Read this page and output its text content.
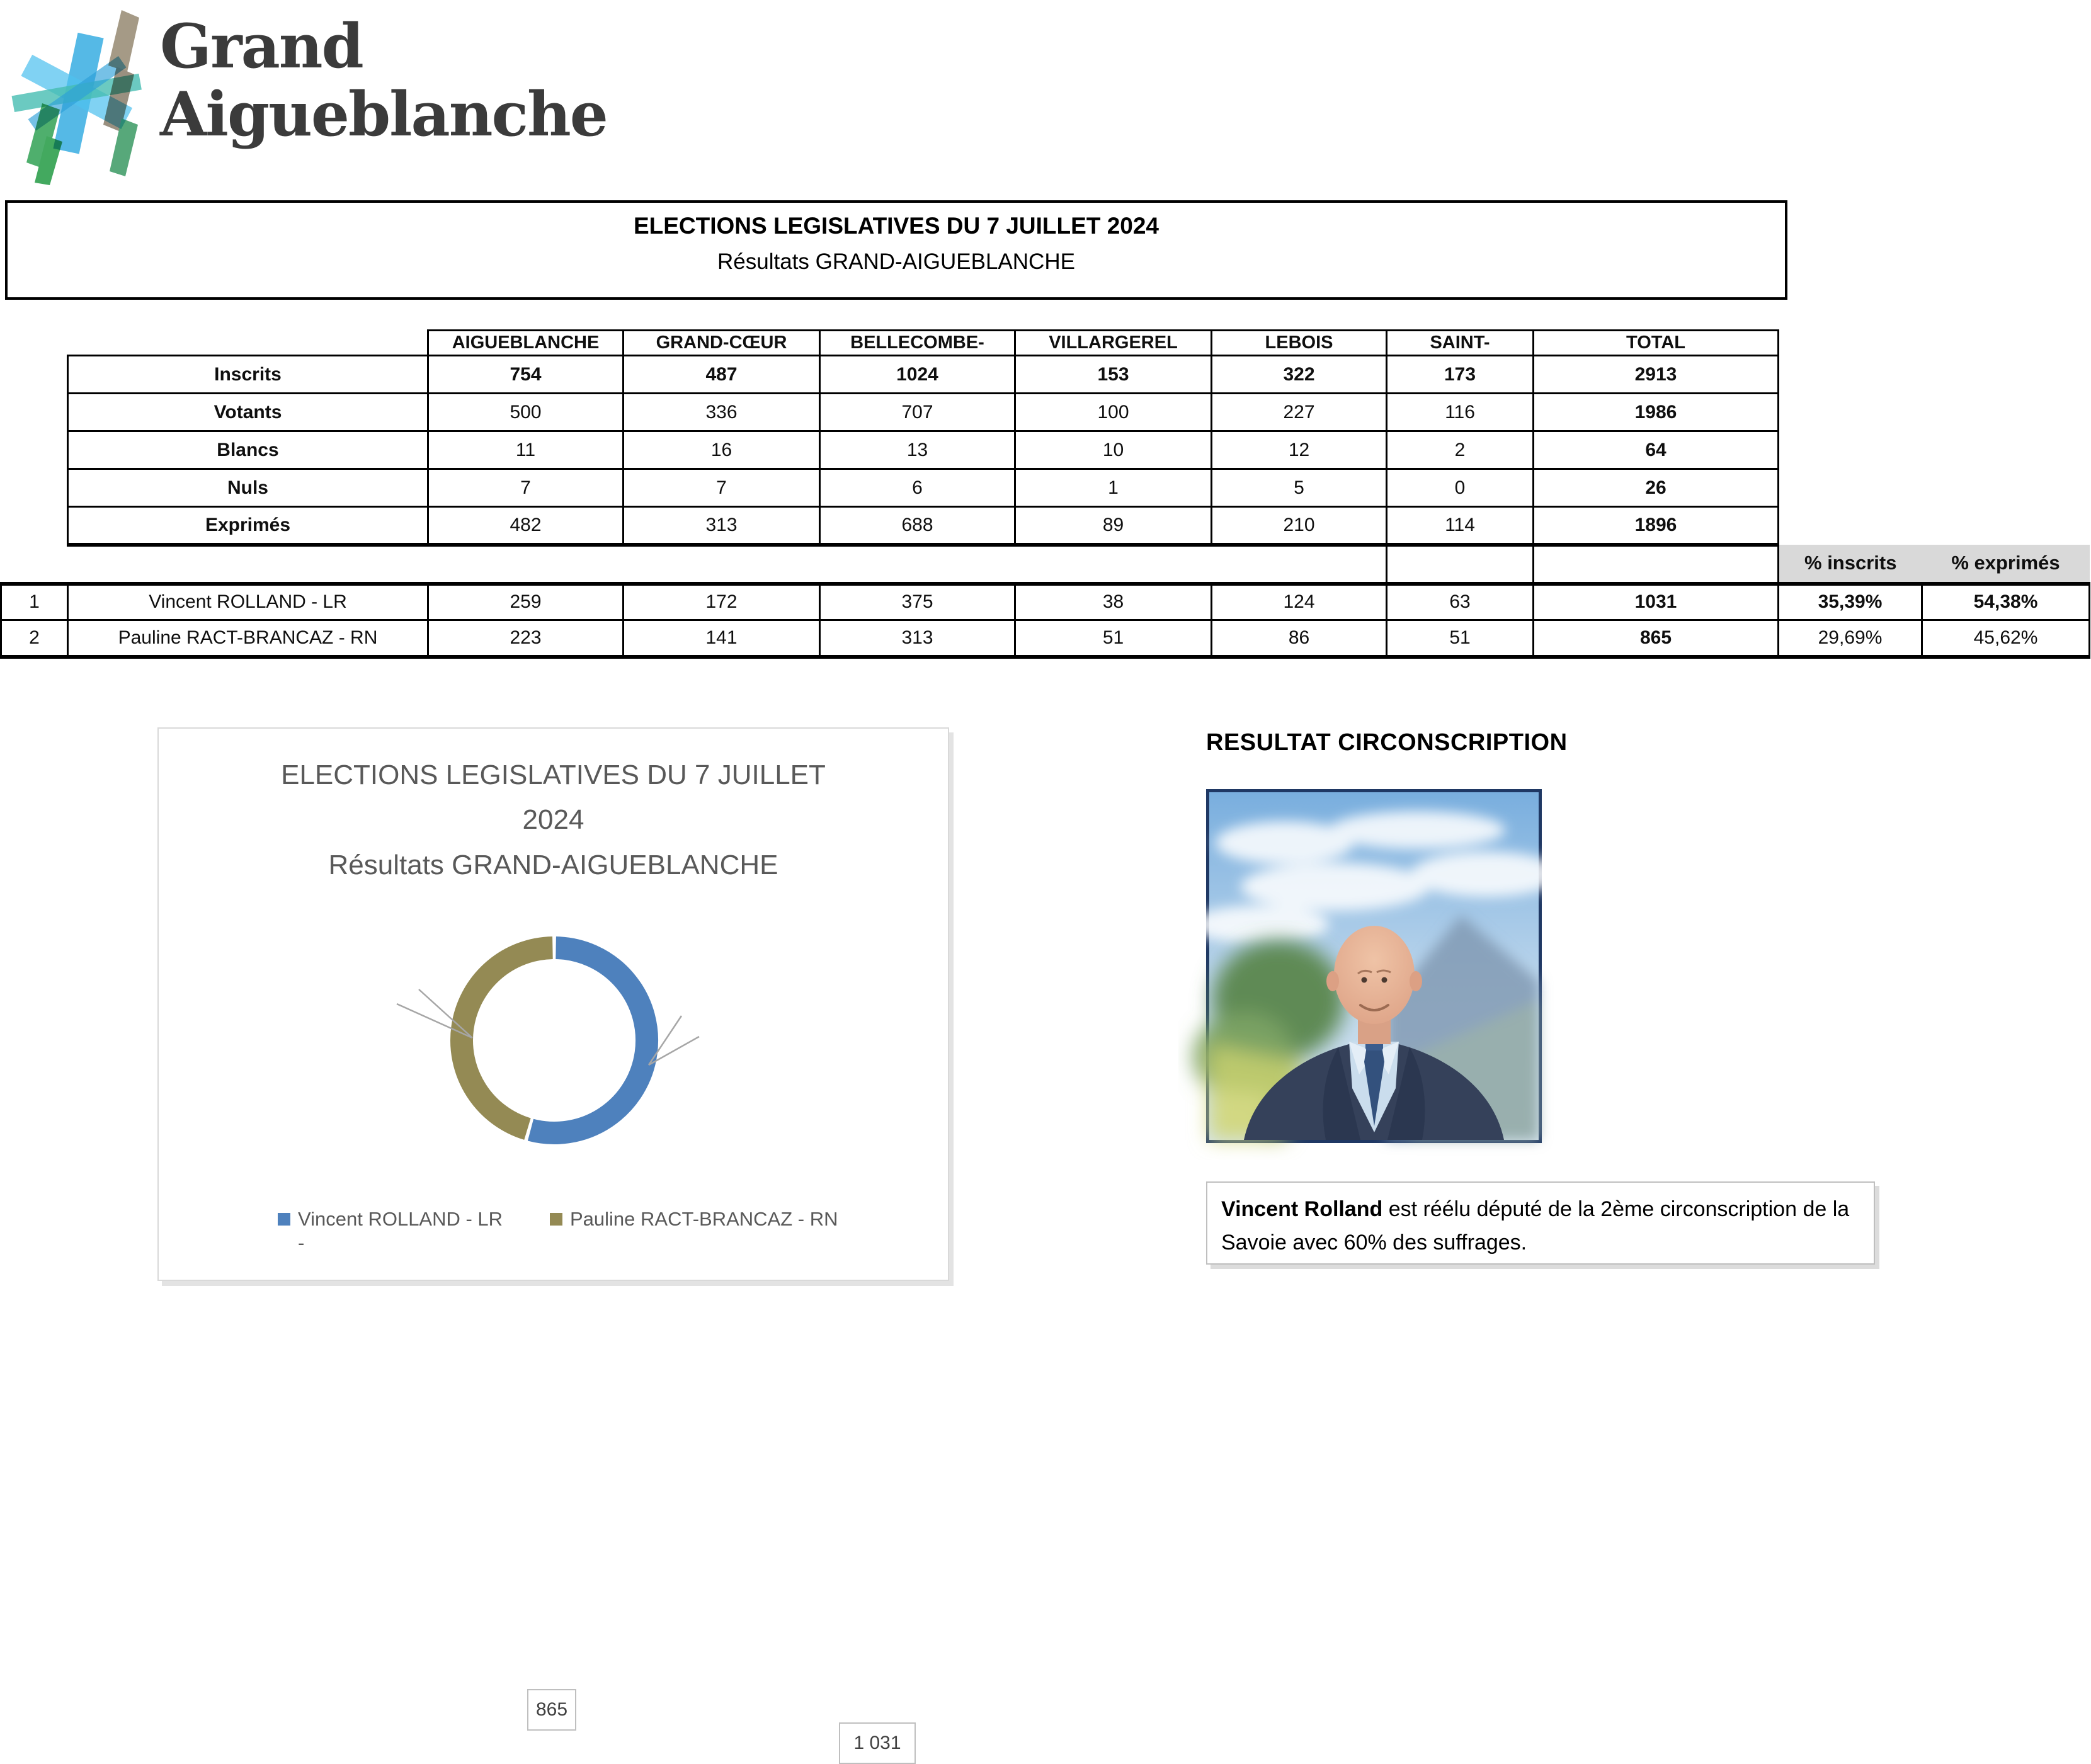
Grand
Aigueblanche
ELECTIONS LEGISLATIVES DU 7 JUILLET 2024
Résultats GRAND-AIGUEBLANCHE
		AIGUEBLANCHE	GRAND-CŒUR	BELLECOMBE-	VILLARGEREL	LEBOIS	SAINT-	TOTAL		
	Inscrits	754	487	1024	153	322	173	2913		
	Votants	500	336	707	100	227	116	1986		
	Blancs	11	16	13	10	12	2	64		
	Nuls	7	7	6	1	5	0	26		
	Exprimés	482	313	688	89	210	114	1896		
									% inscrits	% exprimés
1	Vincent ROLLAND - LR	259	172	375	38	124	63	1031	35,39%	54,38%
2	Pauline RACT-BRANCAZ - RN	223	141	313	51	86	51	865	29,69%	45,62%
ELECTIONS LEGISLATIVES DU 7 JUILLET
2024
Résultats GRAND-AIGUEBLANCHE
865
1 031
Vincent ROLLAND - LR
-
Pauline RACT-BRANCAZ - RN
RESULTAT CIRCONSCRIPTION
Vincent Rolland est réélu député de la 2ème circonscription de la Savoie avec 60% des suffrages.
